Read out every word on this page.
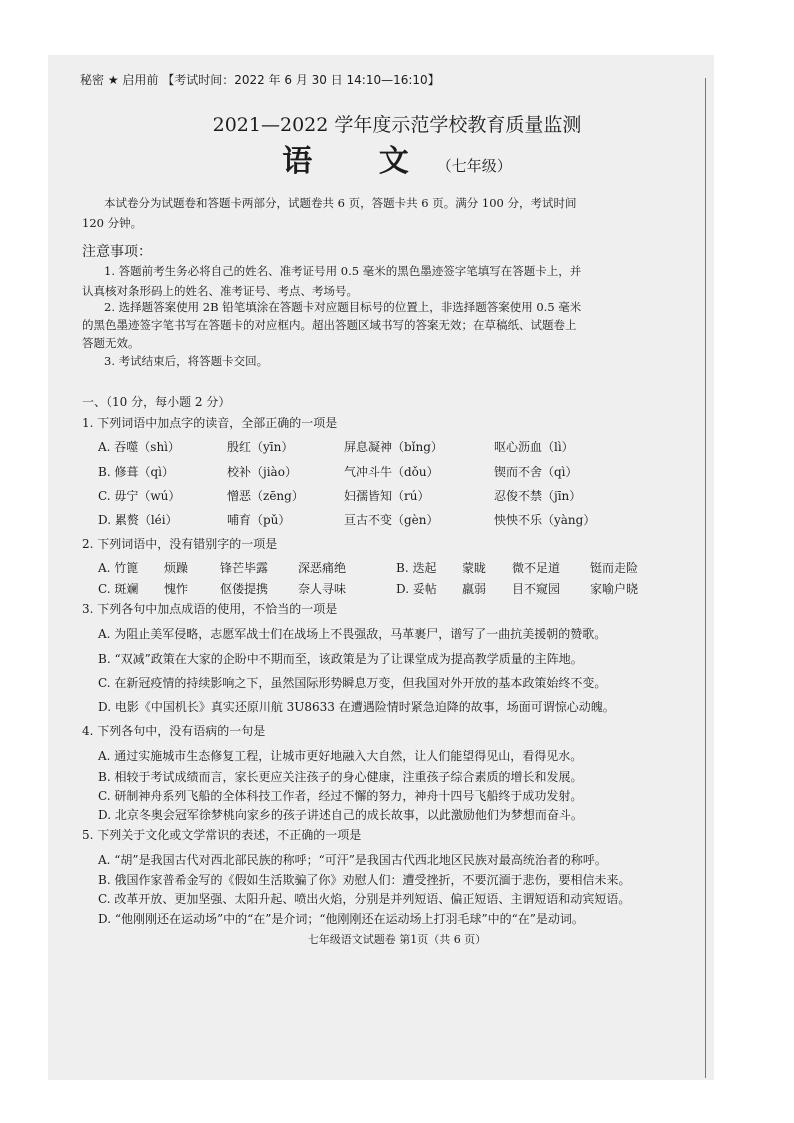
秘密 ★ 启用前 【考试时间：2022 年 6 月 30 日 14:10—16:10】
2021—2022 学年度示范学校教育质量监测
语 文（七年级）
本试卷分为试题卷和答题卡两部分，试题卷共 6 页，答题卡共 6 页。满分 100 分，考试时间
120 分钟。
注意事项：
1. 答题前考生务必将自己的姓名、准考证号用 0.5 毫米的黑色墨迹签字笔填写在答题卡上，并
认真核对条形码上的姓名、准考证号、考点、考场号。
2. 选择题答案使用 2B 铅笔填涂在答题卡对应题目标号的位置上，非选择题答案使用 0.5 毫米
的黑色墨迹签字笔书写在答题卡的对应框内。超出答题区域书写的答案无效；在草稿纸、试题卷上
答题无效。
3. 考试结束后，将答题卡交回。
一、（10 分，每小题 2 分）
1. 下列词语中加点字的读音，全部正确的一项是
A. 吞噬（shì）	殷红（yīn）	屏息凝神（bǐng）	呕心沥血（lì）
B. 修葺（qì）	校补（jiào）	气冲斗牛（dǒu）	锲而不舍（qì）
C. 毋宁（wú）	憎恶（zēng）	妇孺皆知（rú）	忍俊不禁（jīn）
D. 累赘（léi）	哺育（pǔ）	亘古不变（gèn）	怏怏不乐（yàng）
2. 下列词语中，没有错别字的一项是
A. 竹篦 烦躁	锋芒毕露 深恶痛绝	B. 迭起 蒙眬 微不足道 铤而走险
C. 斑斓 愧怍	伛偻提携 奈人寻味	D. 妥帖 羸弱 目不窥园 家喻户晓
3. 下列各句中加点成语的使用，不恰当的一项是
A. 为阻止美军侵略，志愿军战士们在战场上不畏强敌，马革裹尸，谱写了一曲抗美援朝的赞歌。
B. “双减”政策在大家的企盼中不期而至，该政策是为了让课堂成为提高教学质量的主阵地。
C. 在新冠疫情的持续影响之下，虽然国际形势瞬息万变，但我国对外开放的基本政策始终不变。
D. 电影《中国机长》真实还原川航 3U8633 在遭遇险情时紧急迫降的故事，场面可谓惊心动魄。
4. 下列各句中，没有语病的一句是
A. 通过实施城市生态修复工程，让城市更好地融入大自然，让人们能望得见山，看得见水。
B. 相较于考试成绩而言，家长更应关注孩子的身心健康，注重孩子综合素质的增长和发展。
C. 研制神舟系列飞船的全体科技工作者，经过不懈的努力，神舟十四号飞船终于成功发射。
D. 北京冬奥会冠军徐梦桃向家乡的孩子讲述自己的成长故事，以此激励他们为梦想而奋斗。
5. 下列关于文化或文学常识的表述，不正确的一项是
A. “胡”是我国古代对西北部民族的称呼；“可汗”是我国古代西北地区民族对最高统治者的称呼。
B. 俄国作家普希金写的《假如生活欺骗了你》劝慰人们：遭受挫折，不要沉湎于悲伤，要相信未来。
C. 改革开放、更加坚强、太阳升起、喷出火焰，分别是并列短语、偏正短语、主谓短语和动宾短语。
D. “他刚刚还在运动场”中的“在”是介词；“他刚刚还在运动场上打羽毛球”中的“在”是动词。
七年级语文试题卷 第1页（共 6 页）
